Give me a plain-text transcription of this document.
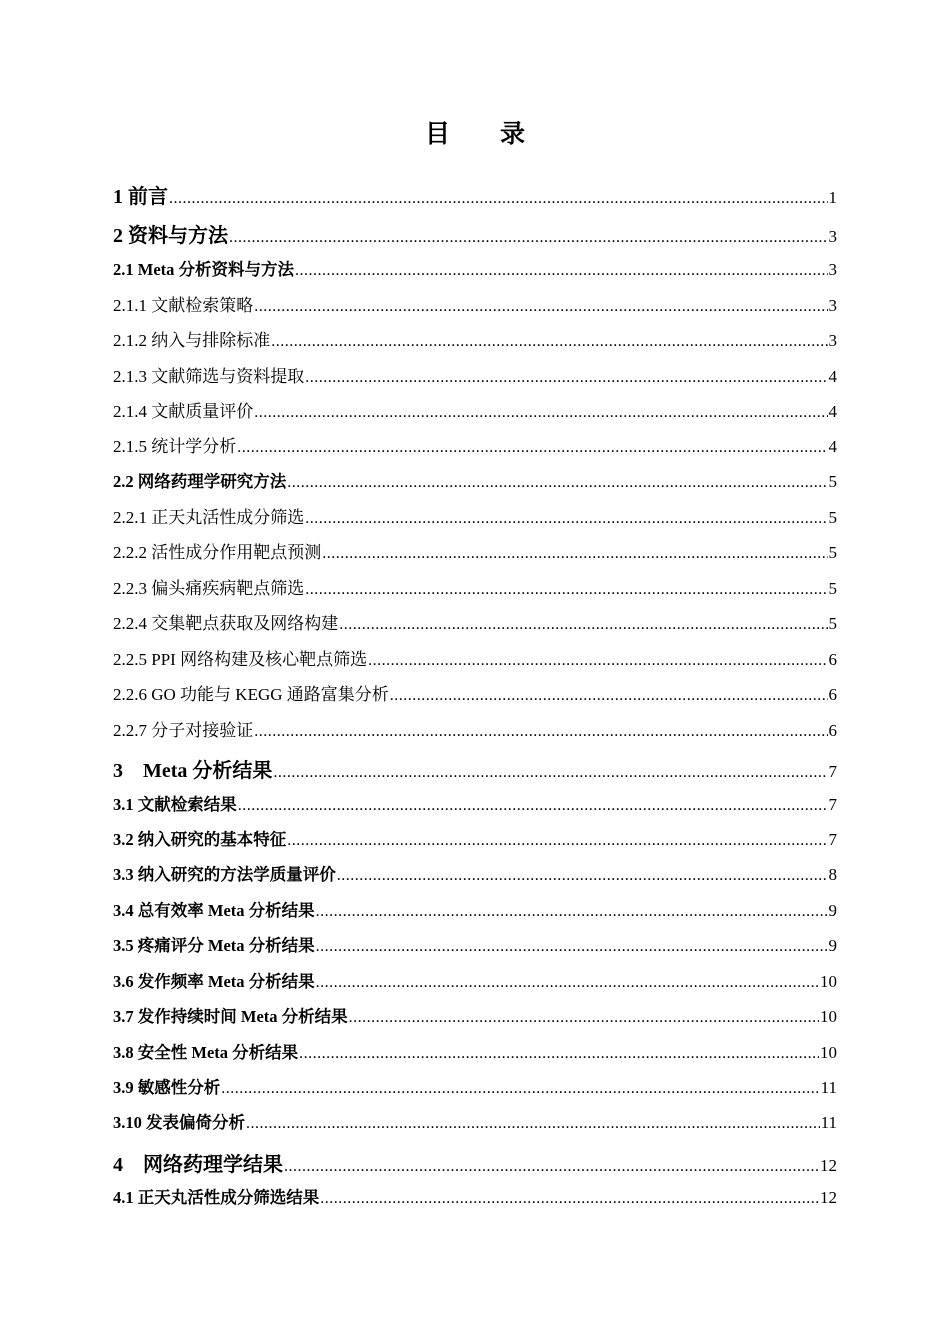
目　　录
1 前言 .....	1
2 资料与方法 .....	3
2.1 Meta 分析资料与方法 .....	3
2.1.1 文献检索策略 .....	3
2.1.2 纳入与排除标准 .....	3
2.1.3 文献筛选与资料提取 .....	4
2.1.4 文献质量评价 .....	4
2.1.5 统计学分析 .....	4
2.2 网络药理学研究方法 .....	5
2.2.1 正天丸活性成分筛选 .....	5
2.2.2 活性成分作用靶点预测 .....	5
2.2.3 偏头痛疾病靶点筛选 .....	5
2.2.4 交集靶点获取及网络构建 .....	5
2.2.5 PPI 网络构建及核心靶点筛选 .....	6
2.2.6 GO 功能与 KEGG 通路富集分析 .....	6
2.2.7 分子对接验证 .....	6
3　Meta 分析结果 .....	7
3.1 文献检索结果 .....	7
3.2 纳入研究的基本特征 .....	7
3.3 纳入研究的方法学质量评价 .....	8
3.4 总有效率 Meta 分析结果 .....	9
3.5 疼痛评分 Meta 分析结果 .....	9
3.6 发作频率 Meta 分析结果 .....	10
3.7 发作持续时间 Meta 分析结果 .....	10
3.8 安全性 Meta 分析结果 .....	10
3.9 敏感性分析 .....	11
3.10 发表偏倚分析 .....	11
4　网络药理学结果 .....	12
4.1 正天丸活性成分筛选结果 .....	12
